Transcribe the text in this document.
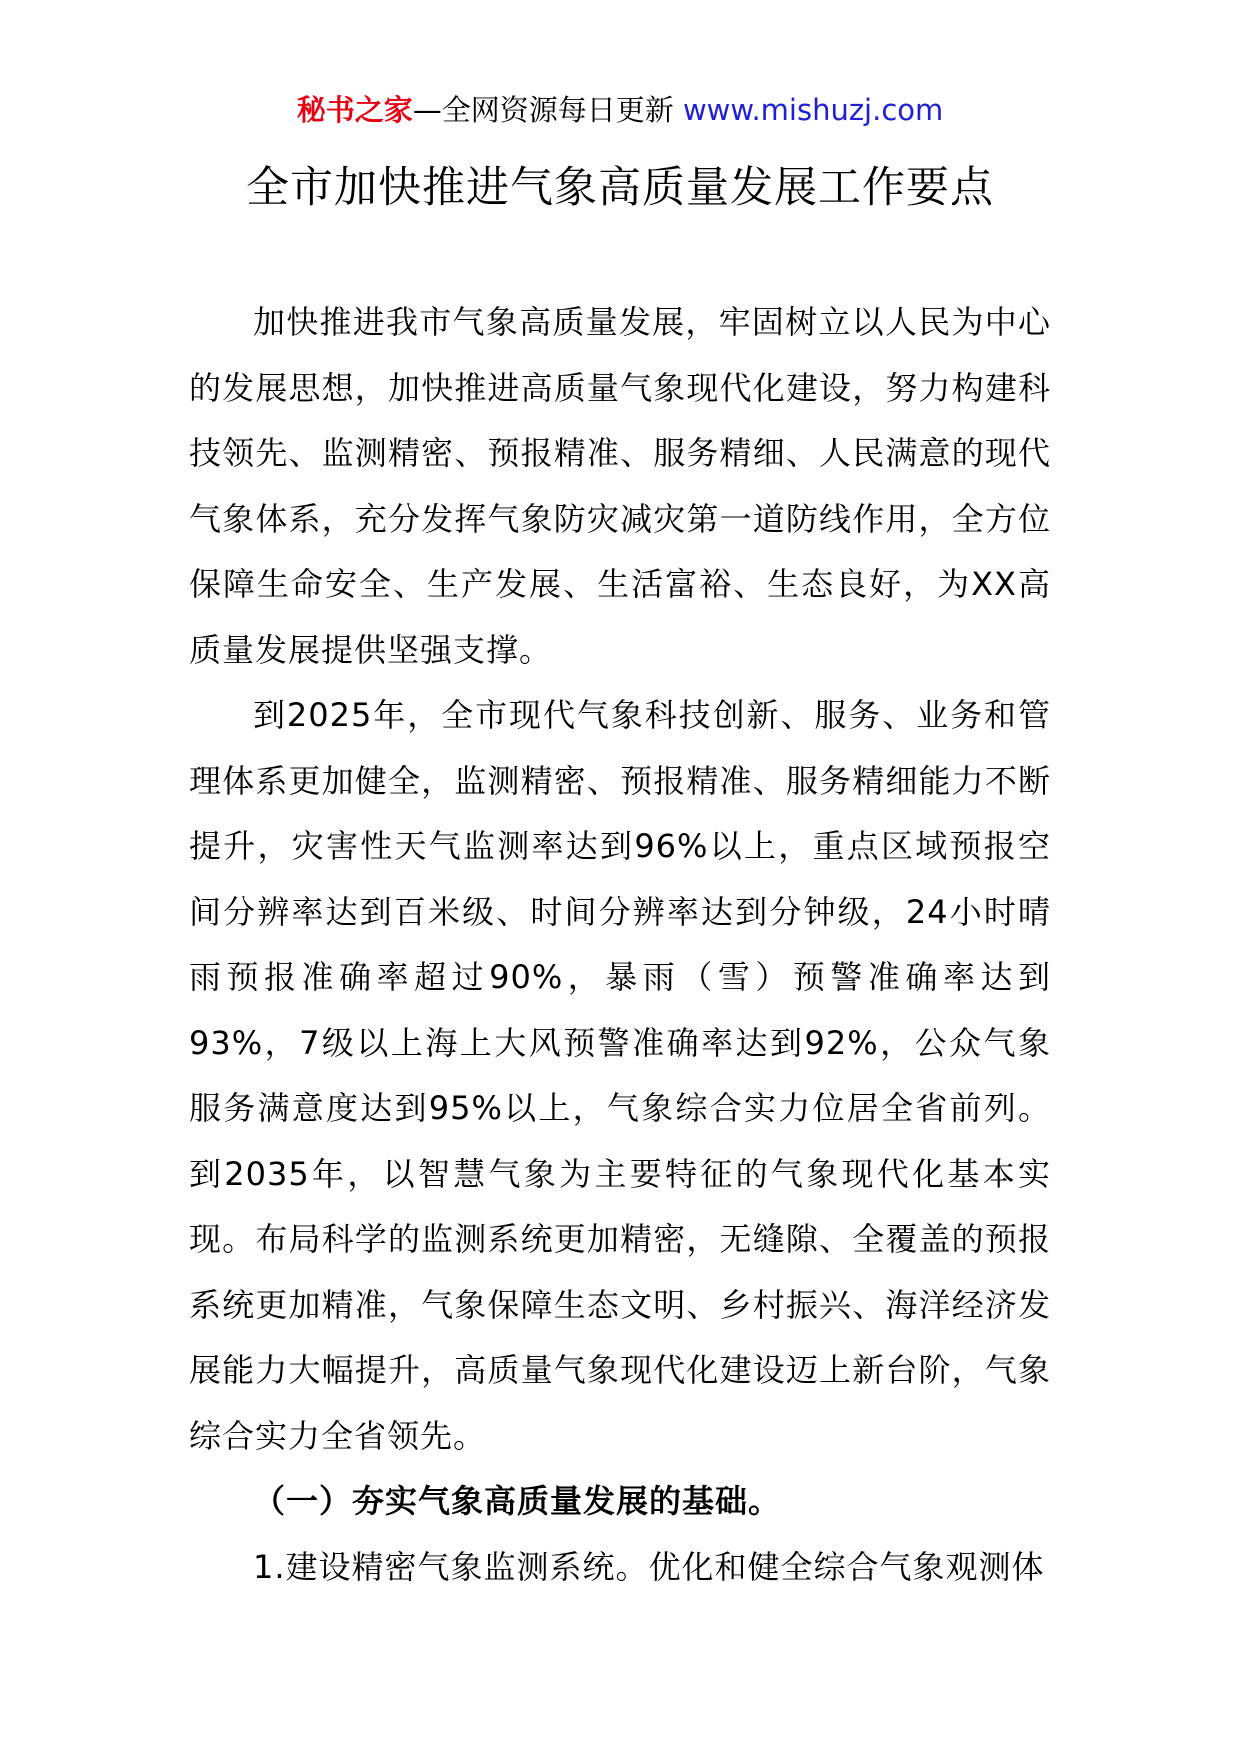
秘书之家—全网资源每日更新 www.mishuzj.com
全市加快推进气象高质量发展工作要点

加快推进我市气象高质量发展，牢固树立以人民为中心的发展思想，加快推进高质量气象现代化建设，努力构建科技领先、监测精密、预报精准、服务精细、人民满意的现代气象体系，充分发挥气象防灾减灾第一道防线作用，全方位保障生命安全、生产发展、生活富裕、生态良好，为XX高质量发展提供坚强支撑。

到2025年，全市现代气象科技创新、服务、业务和管理体系更加健全，监测精密、预报精准、服务精细能力不断提升，灾害性天气监测率达到96%以上，重点区域预报空间分辨率达到百米级、时间分辨率达到分钟级，24小时晴雨预报准确率超过90%，暴雨（雪）预警准确率达到93%，7级以上海上大风预警准确率达到92%，公众气象服务满意度达到95%以上，气象综合实力位居全省前列。到2035年，以智慧气象为主要特征的气象现代化基本实现。布局科学的监测系统更加精密，无缝隙、全覆盖的预报系统更加精准，气象保障生态文明、乡村振兴、海洋经济发展能力大幅提升，高质量气象现代化建设迈上新台阶，气象综合实力全省领先。

（一）夯实气象高质量发展的基础。

1.建设精密气象监测系统。优化和健全综合气象观测体
